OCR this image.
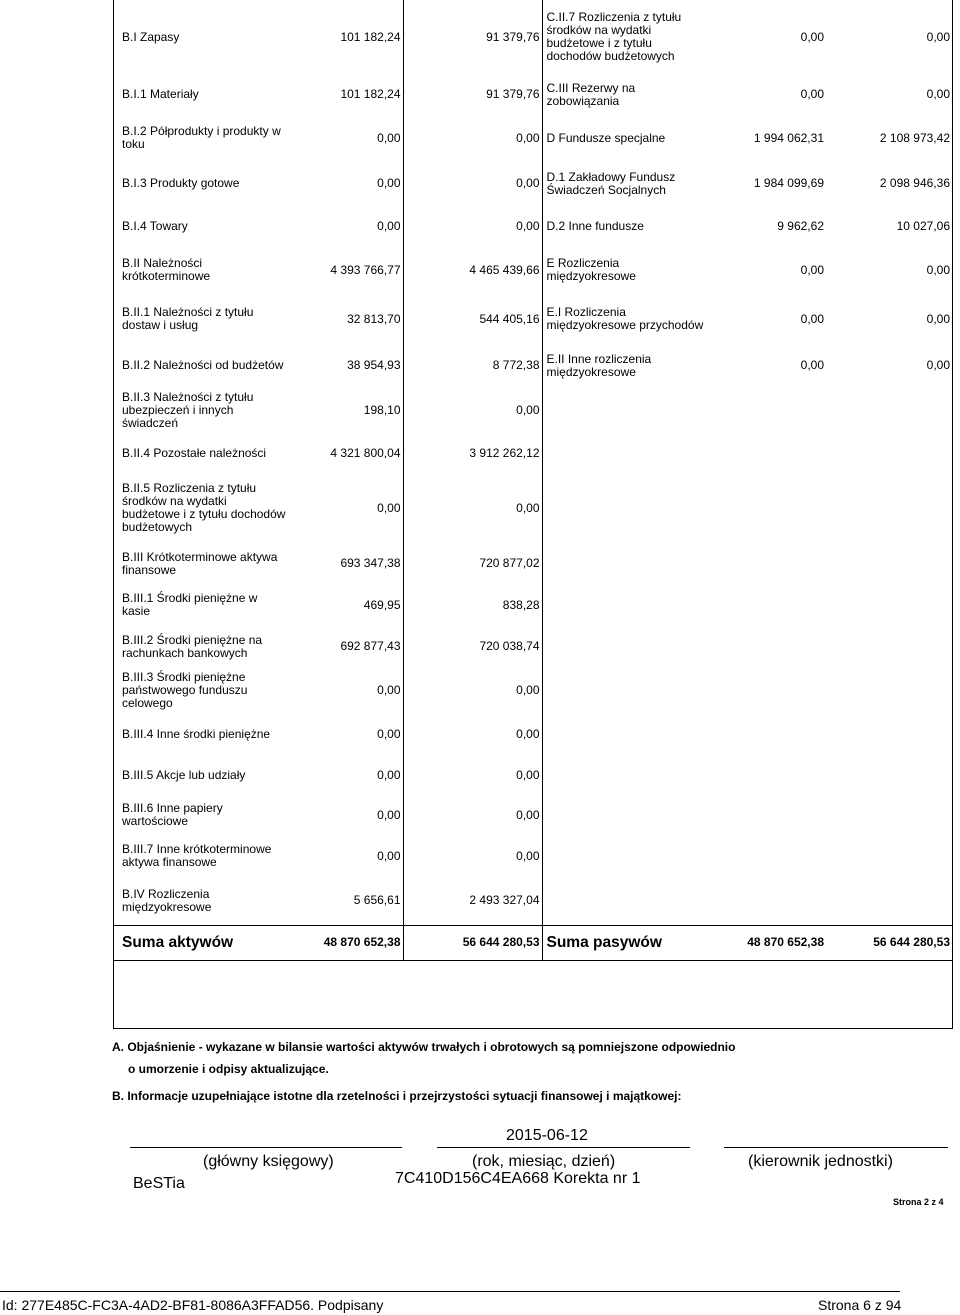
B.I Zapasy	101 182,24	91 379,76	C.II.7 Rozliczenia z tytułu środków na wydatki budżetowe i z tytułu dochodów budżetowych	0,00	0,00
B.I.1 Materiały	101 182,24	91 379,76	C.III Rezerwy na zobowiązania	0,00	0,00
B.I.2 Półprodukty i produkty w toku	0,00	0,00	D Fundusze specjalne	1 994 062,31	2 108 973,42
B.I.3 Produkty gotowe	0,00	0,00	D.1 Zakładowy Fundusz Świadczeń Socjalnych	1 984 099,69	2 098 946,36
B.I.4 Towary	0,00	0,00	D.2 Inne fundusze	9 962,62	10 027,06
B.II Należności krótkoterminowe	4 393 766,77	4 465 439,66	E Rozliczenia międzyokresowe	0,00	0,00
B.II.1 Należności z tytułu dostaw i usług	32 813,70	544 405,16	E.I Rozliczenia międzyokresowe przychodów	0,00	0,00
B.II.2 Należności od budżetów	38 954,93	8 772,38	E.II Inne rozliczenia międzyokresowe	0,00	0,00
B.II.3 Należności z tytułu ubezpieczeń i innych świadczeń	198,10	0,00			
B.II.4 Pozostałe należności	4 321 800,04	3 912 262,12			
B.II.5 Rozliczenia z tytułu środków na wydatki budżetowe i z tytułu dochodów budżetowych	0,00	0,00			
B.III Krótkoterminowe aktywa finansowe	693 347,38	720 877,02			
B.III.1 Środki pieniężne w kasie	469,95	838,28			
B.III.2 Środki pieniężne na rachunkach bankowych	692 877,43	720 038,74			
B.III.3 Środki pieniężne państwowego funduszu celowego	0,00	0,00			
B.III.4 Inne środki pieniężne	0,00	0,00			
B.III.5 Akcje lub udziały	0,00	0,00			
B.III.6 Inne papiery wartościowe	0,00	0,00			
B.III.7 Inne krótkoterminowe aktywa finansowe	0,00	0,00			
B.IV Rozliczenia międzyokresowe	5 656,61	2 493 327,04			
Suma aktywów	48 870 652,38	56 644 280,53	Suma pasywów	48 870 652,38	56 644 280,53
A. Objaśnienie - wykazane w bilansie wartości aktywów trwałych i obrotowych są pomniejszone odpowiednio
o umorzenie i odpisy aktualizujące.
B. Informacje uzupełniające istotne dla rzetelności i przejrzystości sytuacji finansowej i majątkowej:
2015-06-12
(główny księgowy)	(rok, miesiąc, dzień)	(kierownik jednostki)
BeSTia	7C410D156C4EA668 Korekta nr 1
Strona 2 z 4
Id: 277E485C-FC3A-4AD2-BF81-8086A3FFAD56. Podpisany	Strona 6 z 94
